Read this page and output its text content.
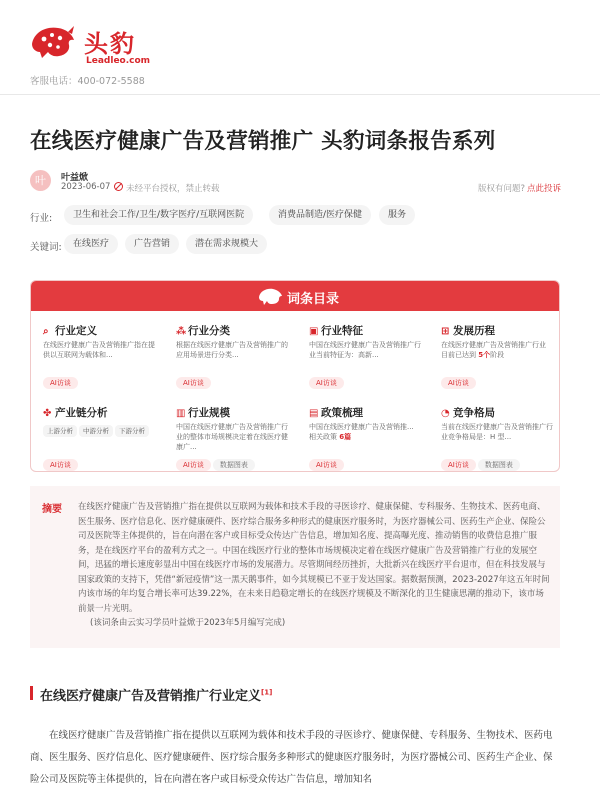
头豹
Leadleo.com
客服电话：400-072-5588
在线医疗健康广告及营销推广 头豹词条报告系列
叶	叶益焮
2023-06-07 未经平台授权，禁止转载	版权有问题? 点此投诉
行业:	卫生和社会工作/卫生/数字医疗/互联网医院	消费品制造/医疗保健	服务
关键词:	在线医疗	广告营销	潜在需求规模大
词条目录
⌕ 行业定义
在线医疗健康广告及营销推广指在提供以互联网为载体和...
AI访谈
⁂ 行业分类
根据在线医疗健康广告及营销推广的应用场景进行分类...
AI访谈
▣ 行业特征
中国在线医疗健康广告及营销推广行业当前特征为：高新...
AI访谈
⊞ 发展历程
在线医疗健康广告及营销推广行业
目前已达到 5个阶段
AI访谈
✤ 产业链分析
上游分析 中游分析 下游分析
AI访谈
▥ 行业规模
中国在线医疗健康广告及营销推广行业的整体市场规模决定着在线医疗健康广...
AI访谈 数据图表
▤ 政策梳理
中国在线医疗健康广告及营销推...
相关政策 6篇
AI访谈
◔ 竞争格局
当前在线医疗健康广告及营销推广行业竞争格局是：H 型...
AI访谈 数据图表
摘要 在线医疗健康广告及营销推广指在提供以互联网为载体和技术手段的寻医诊疗、健康保健、专科服务、生物技术、医药电商、医生服务、医疗信息化、医疗健康硬件、医疗综合服务多种形式的健康医疗服务时，为医疗器械公司、医药生产企业、保险公司及医院等主体提供的，旨在向潜在客户或目标受众传达广告信息，增加知名度、提高曝光度、推动销售的收费信息推广服务，是在线医疗平台的盈利方式之一。中国在线医疗行业的整体市场规模决定着在线医疗健康广告及营销推广行业的发展空间，迅猛的增长速度彰显出中国在线医疗市场的发展潜力。尽管期间经历挫折，大批新兴在线医疗平台退市，但在科技发展与国家政策的支持下，凭借“新冠疫情”这一黑天鹅事件，如今其规模已不亚于发达国家。据数据预测，2023-2027年这五年时间内该市场的年均复合增长率可达39.22%，在未来日趋稳定增长的在线医疗规模及不断深化的卫生健康思潮的推动下，该市场前景一片光明。
(该词条由云实习学员叶益焮于2023年5月编写完成)
在线医疗健康广告及营销推广行业定义[1]

在线医疗健康广告及营销推广指在提供以互联网为载体和技术手段的寻医诊疗、健康保健、专科服务、生物技术、医药电商、医生服务、医疗信息化、医疗健康硬件、医疗综合服务多种形式的健康医疗服务时，为医疗器械公司、医药生产企业、保险公司及医院等主体提供的，旨在向潜在客户或目标受众传达广告信息，增加知名
